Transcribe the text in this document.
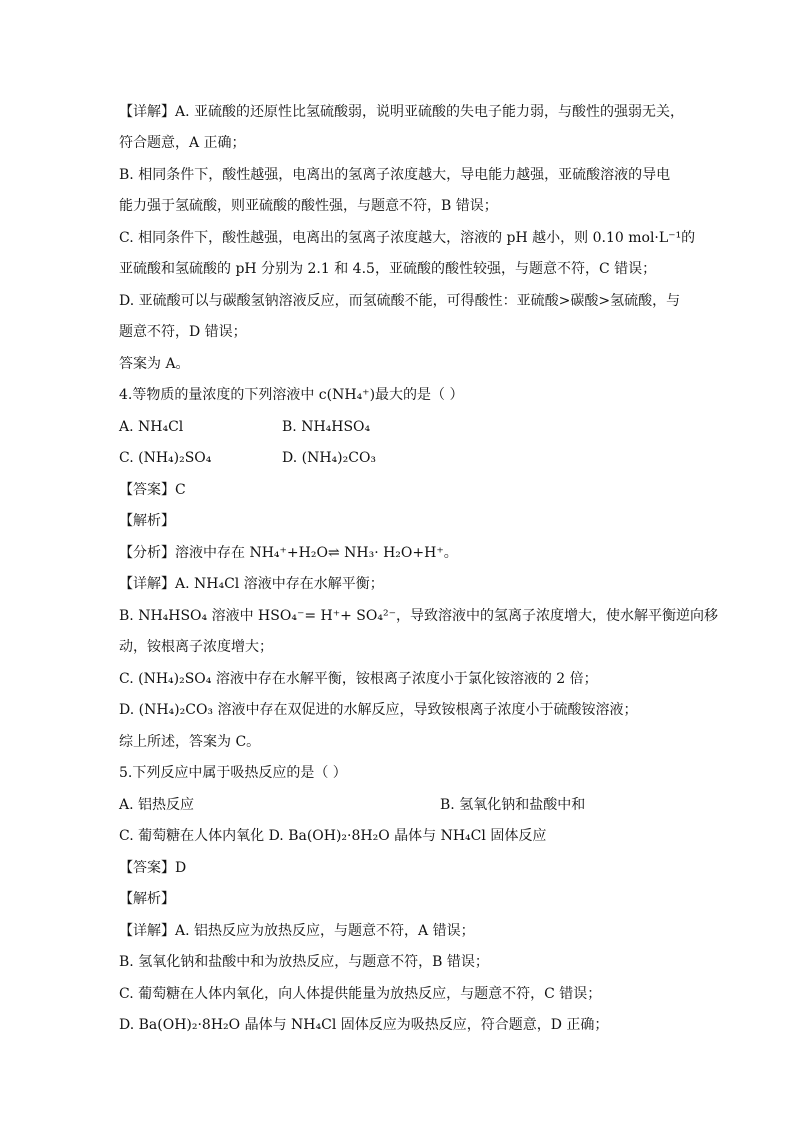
【详解】A. 亚硫酸的还原性比氢硫酸弱，说明亚硫酸的失电子能力弱，与酸性的强弱无关，
符合题意，A 正确；
B. 相同条件下，酸性越强，电离出的氢离子浓度越大，导电能力越强，亚硫酸溶液的导电
能力强于氢硫酸，则亚硫酸的酸性强，与题意不符，B 错误；
C. 相同条件下，酸性越强，电离出的氢离子浓度越大，溶液的 pH 越小，则 0.10 mol·L⁻¹的
亚硫酸和氢硫酸的 pH 分别为 2.1 和 4.5，亚硫酸的酸性较强，与题意不符，C 错误；
D. 亚硫酸可以与碳酸氢钠溶液反应，而氢硫酸不能，可得酸性：亚硫酸>碳酸>氢硫酸，与
题意不符，D 错误；
答案为 A。
4.等物质的量浓度的下列溶液中 c(NH₄⁺)最大的是（ ）
A. NH₄Cl	B. NH₄HSO₄
C. (NH₄)₂SO₄	D. (NH₄)₂CO₃
【答案】C
【解析】
【分析】溶液中存在 NH₄⁺+H₂O⇌ NH₃· H₂O+H⁺。
【详解】A. NH₄Cl 溶液中存在水解平衡；
B. NH₄HSO₄ 溶液中 HSO₄⁻= H⁺+ SO₄²⁻，导致溶液中的氢离子浓度增大，使水解平衡逆向移
动，铵根离子浓度增大；
C. (NH₄)₂SO₄ 溶液中存在水解平衡，铵根离子浓度小于氯化铵溶液的 2 倍；
D. (NH₄)₂CO₃ 溶液中存在双促进的水解反应，导致铵根离子浓度小于硫酸铵溶液；
综上所述，答案为 C。
5.下列反应中属于吸热反应的是（ ）
A. 铝热反应	B. 氢氧化钠和盐酸中和
C. 葡萄糖在人体内氧化 D. Ba(OH)₂·8H₂O 晶体与 NH₄Cl 固体反应
【答案】D
【解析】
【详解】A. 铝热反应为放热反应，与题意不符，A 错误；
B. 氢氧化钠和盐酸中和为放热反应，与题意不符，B 错误；
C. 葡萄糖在人体内氧化，向人体提供能量为放热反应，与题意不符，C 错误；
D. Ba(OH)₂·8H₂O 晶体与 NH₄Cl 固体反应为吸热反应，符合题意，D 正确；
